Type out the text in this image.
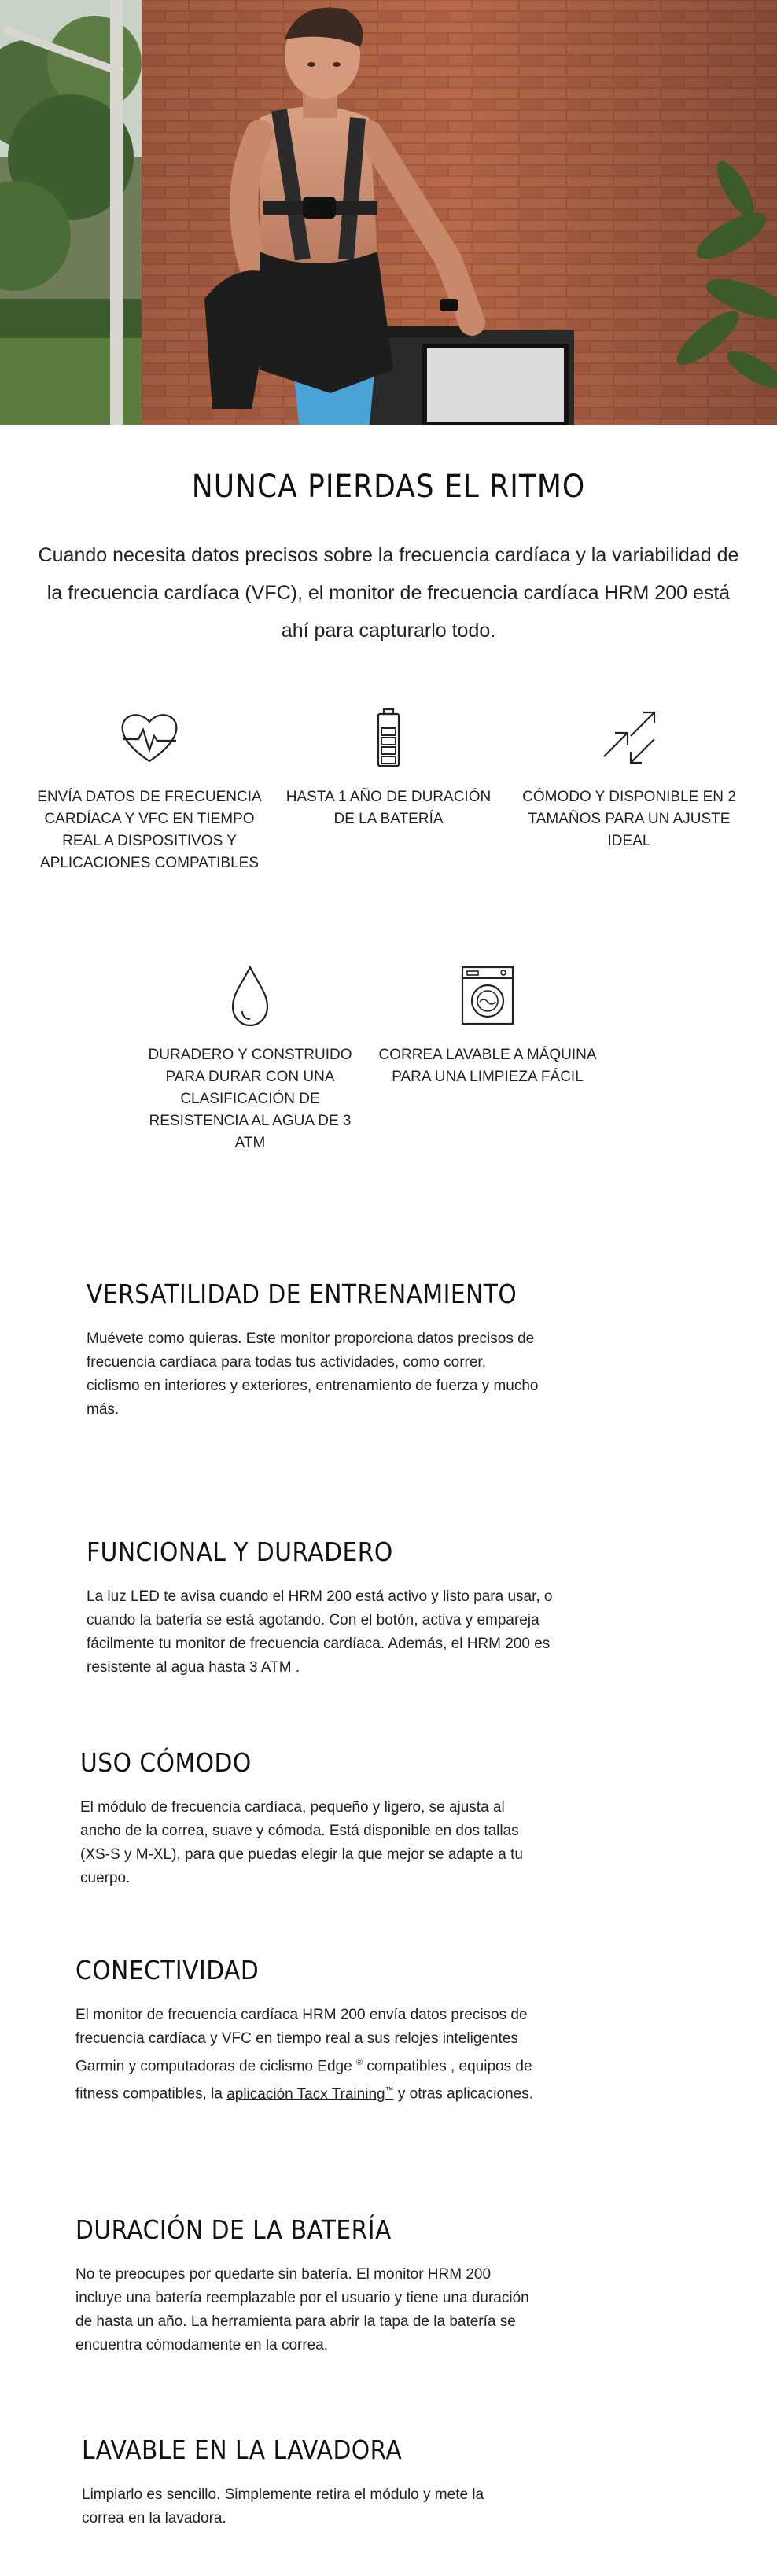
NUNCA PIERDAS EL RITMO

Cuando necesita datos precisos sobre la frecuencia cardíaca y la variabilidad de la frecuencia cardíaca (VFC), el monitor de frecuencia cardíaca HRM 200 está ahí para capturarlo todo.

ENVÍA DATOS DE FRECUENCIA CARDÍACA Y VFC EN TIEMPO REAL A DISPOSITIVOS Y APLICACIONES COMPATIBLES
HASTA 1 AÑO DE DURACIÓN DE LA BATERÍA
CÓMODO Y DISPONIBLE EN 2 TAMAÑOS PARA UN AJUSTE IDEAL
DURADERO Y CONSTRUIDO PARA DURAR CON UNA CLASIFICACIÓN DE RESISTENCIA AL AGUA DE 3 ATM
CORREA LAVABLE A MÁQUINA PARA UNA LIMPIEZA FÁCIL
VERSATILIDAD DE ENTRENAMIENTO

Muévete como quieras. Este monitor proporciona datos precisos de frecuencia cardíaca para todas tus actividades, como correr, ciclismo en interiores y exteriores, entrenamiento de fuerza y mucho más.

FUNCIONAL Y DURADERO

La luz LED te avisa cuando el HRM 200 está activo y listo para usar, o cuando la batería se está agotando. Con el botón, activa y empareja fácilmente tu monitor de frecuencia cardíaca. Además, el HRM 200 es resistente al agua hasta 3 ATM .

USO CÓMODO

El módulo de frecuencia cardíaca, pequeño y ligero, se ajusta al ancho de la correa, suave y cómoda. Está disponible en dos tallas (XS-S y M-XL), para que puedas elegir la que mejor se adapte a tu cuerpo.

CONECTIVIDAD

El monitor de frecuencia cardíaca HRM 200 envía datos precisos de frecuencia cardíaca y VFC en tiempo real a sus relojes inteligentes Garmin y computadoras de ciclismo Edge ® compatibles , equipos de fitness compatibles, la aplicación Tacx Training™ y otras aplicaciones.

DURACIÓN DE LA BATERÍA

No te preocupes por quedarte sin batería. El monitor HRM 200 incluye una batería reemplazable por el usuario y tiene una duración de hasta un año. La herramienta para abrir la tapa de la batería se encuentra cómodamente en la correa.

LAVABLE EN LA LAVADORA

Limpiarlo es sencillo. Simplemente retira el módulo y mete la correa en la lavadora.
